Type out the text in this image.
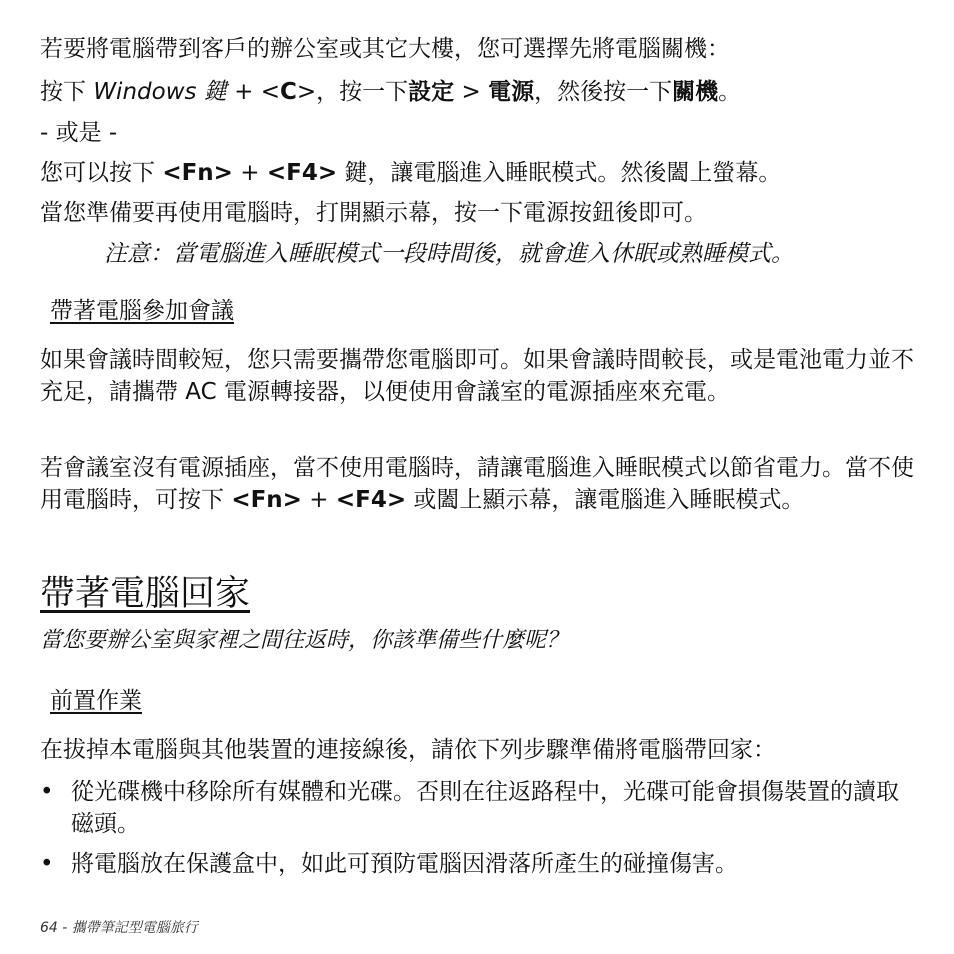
若要將電腦帶到客戶的辦公室或其它大樓，您可選擇先將電腦關機：
按下 Windows 鍵 + <C>，按一下設定 > 電源，然後按一下關機。
- 或是 -
您可以按下 <Fn> + <F4> 鍵，讓電腦進入睡眠模式。然後闔上螢幕。
當您準備要再使用電腦時，打開顯示幕，按一下電源按鈕後即可。
注意：當電腦進入睡眠模式一段時間後，就會進入休眠或熟睡模式。
帶著電腦參加會議
如果會議時間較短，您只需要攜帶您電腦即可。如果會議時間較長，或是電池電力並不充足，請攜帶 AC 電源轉接器，以便使用會議室的電源插座來充電。
若會議室沒有電源插座，當不使用電腦時，請讓電腦進入睡眠模式以節省電力。當不使用電腦時，可按下 <Fn> + <F4> 或闔上顯示幕，讓電腦進入睡眠模式。
帶著電腦回家
當您要辦公室與家裡之間往返時，你該準備些什麼呢？
前置作業
在拔掉本電腦與其他裝置的連接線後，請依下列步驟準備將電腦帶回家：
• 從光碟機中移除所有媒體和光碟。否則在往返路程中，光碟可能會損傷裝置的讀取磁頭。
• 將電腦放在保護盒中，如此可預防電腦因滑落所產生的碰撞傷害。
64 - 攜帶筆記型電腦旅行
